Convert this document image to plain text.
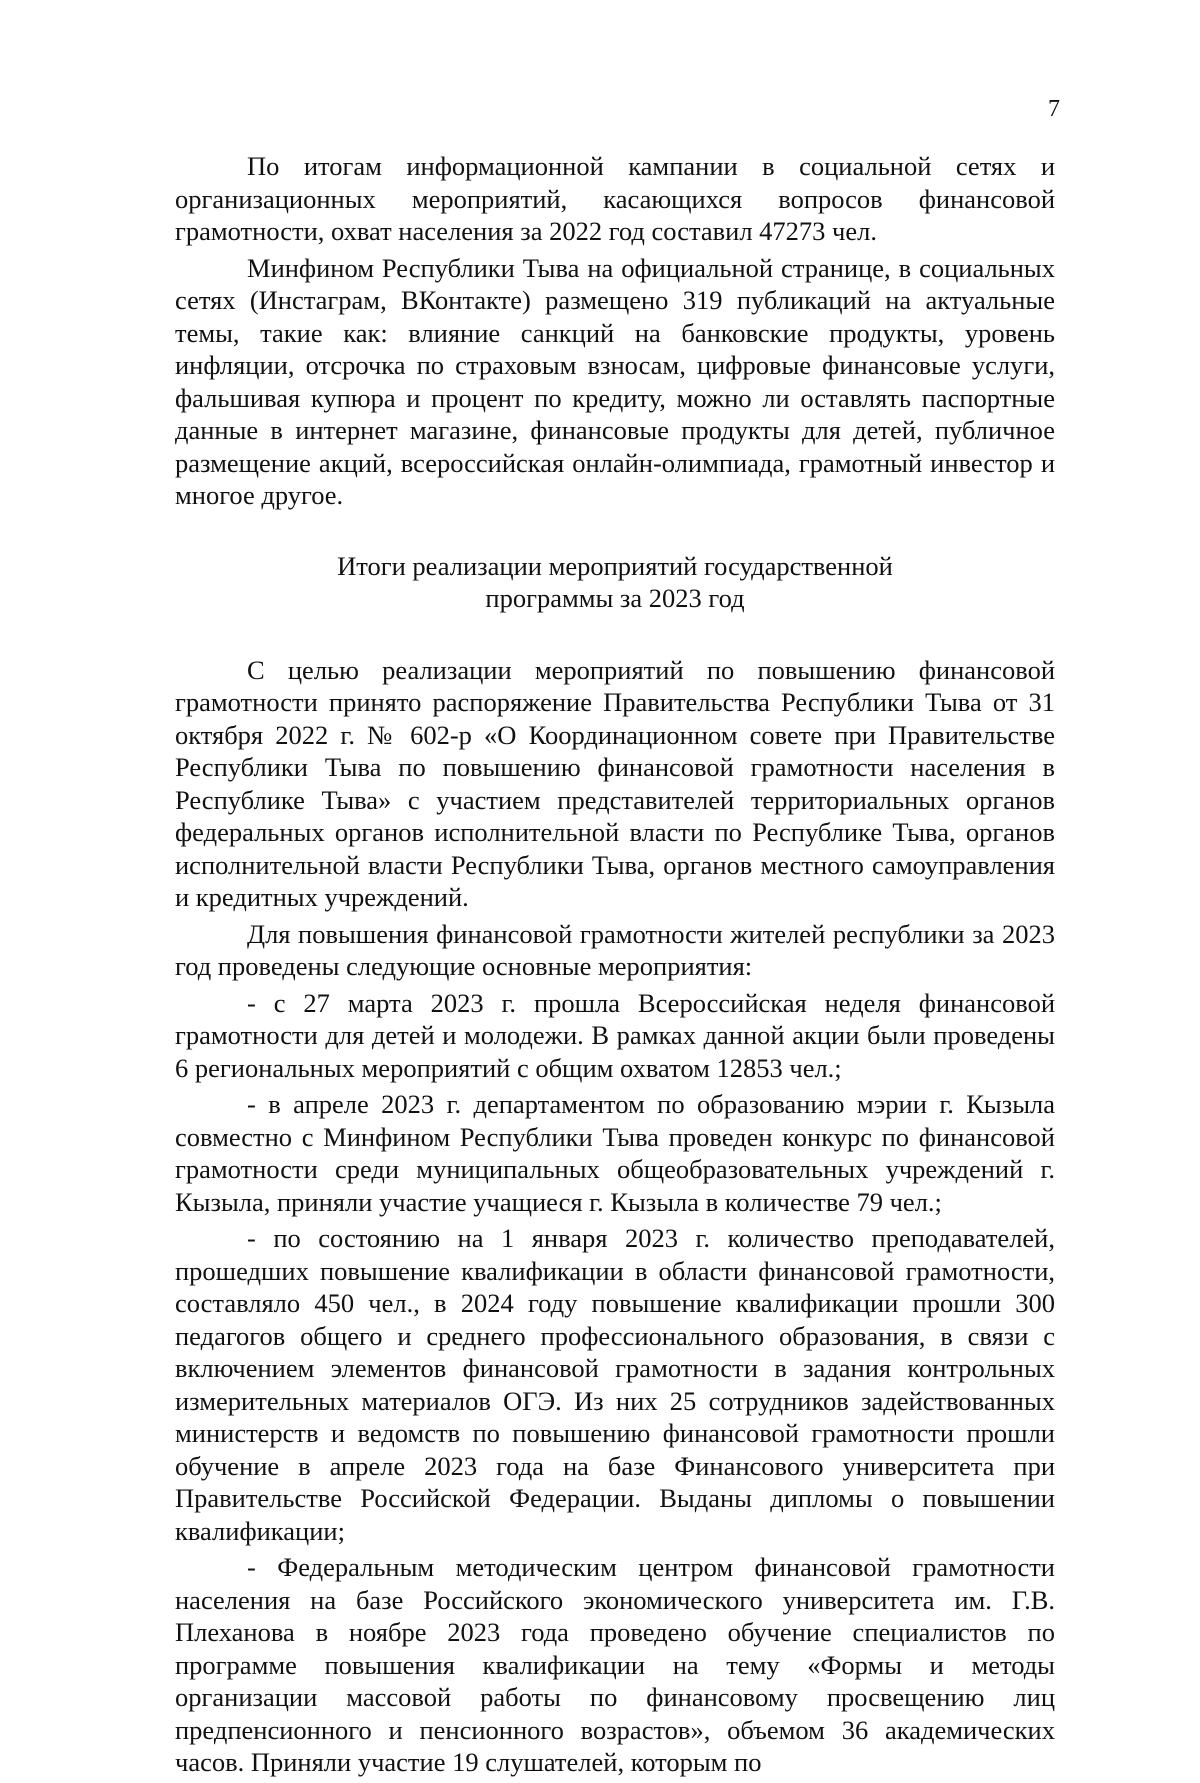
7

По итогам информационной кампании в социальной сетях и организационных мероприятий, касающихся вопросов финансовой грамотности, охват населения за 2022 год составил 47273 чел.

Минфином Республики Тыва на официальной странице, в социальных сетях (Инстаграм, ВКонтакте) размещено 319 публикаций на актуальные темы, такие как: влияние санкций на банковские продукты, уровень инфляции, отсрочка по страховым взносам, цифровые финансовые услуги, фальшивая купюра и процент по кредиту, можно ли оставлять паспортные данные в интернет магазине, финансовые продукты для детей, публичное размещение акций, всероссийская онлайн-олимпиада, грамотный инвестор и многое другое.

Итоги реализации мероприятий государственной
программы за 2023 год

С целью реализации мероприятий по повышению финансовой грамотности принято распоряжение Правительства Республики Тыва от 31 октября 2022 г. № 602-р «О Координационном совете при Правительстве Республики Тыва по повышению финансовой грамотности населения в Республике Тыва» с участием представителей территориальных органов федеральных органов исполнительной власти по Республике Тыва, органов исполнительной власти Республики Тыва, органов местного самоуправления и кредитных учреждений.

Для повышения финансовой грамотности жителей республики за 2023 год проведены следующие основные мероприятия:

- с 27 марта 2023 г. прошла Всероссийская неделя финансовой грамотности для детей и молодежи. В рамках данной акции были проведены 6 региональных мероприятий с общим охватом 12853 чел.;

- в апреле 2023 г. департаментом по образованию мэрии г. Кызыла совместно с Минфином Республики Тыва проведен конкурс по финансовой грамотности среди муниципальных общеобразовательных учреждений г. Кызыла, приняли участие учащиеся г. Кызыла в количестве 79 чел.;

- по состоянию на 1 января 2023 г. количество преподавателей, прошедших повышение квалификации в области финансовой грамотности, составляло 450 чел., в 2024 году повышение квалификации прошли 300 педагогов общего и среднего профессионального образования, в связи с включением элементов финансовой грамотности в задания контрольных измерительных материалов ОГЭ. Из них 25 сотрудников задействованных министерств и ведомств по повышению финансовой грамотности прошли обучение в апреле 2023 года на базе Финансового университета при Правительстве Российской Федерации. Выданы дипломы о повышении квалификации;

- Федеральным методическим центром финансовой грамотности населения на базе Российского экономического университета им. Г.В. Плеханова в ноябре 2023 года проведено обучение специалистов по программе повышения квалификации на тему «Формы и методы организации массовой работы по финансовому просвещению лиц предпенсионного и пенсионного возрастов», объемом 36 академических часов. Приняли участие 19 слушателей, которым по
